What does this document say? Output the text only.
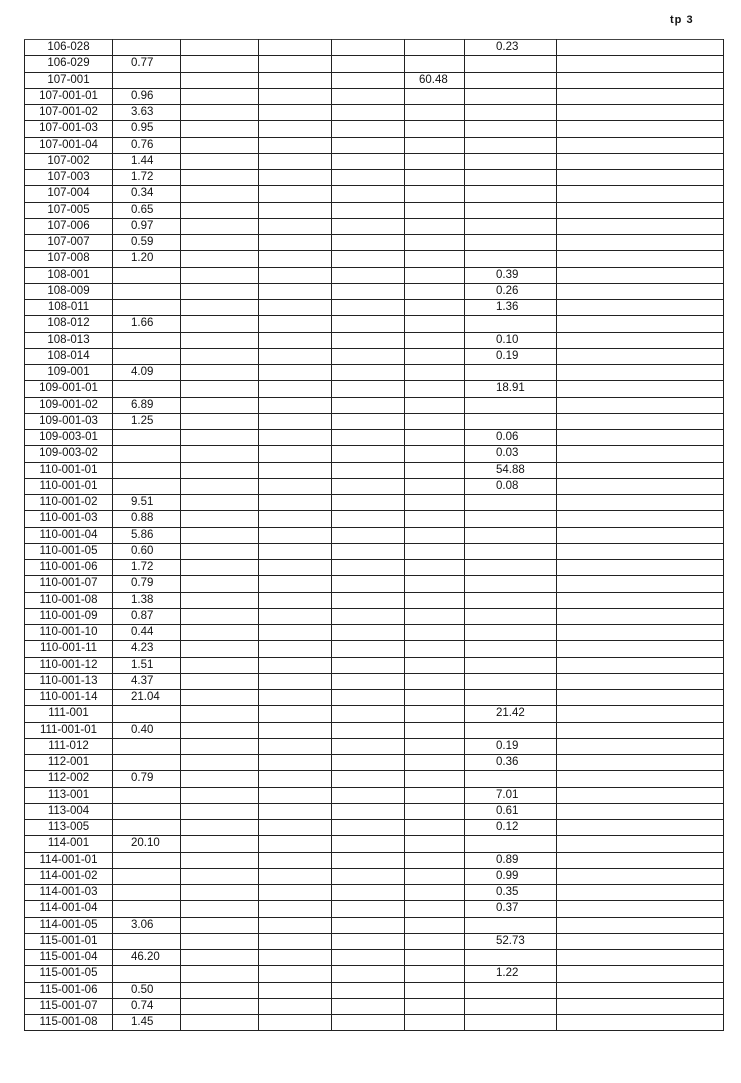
tp 3
106-028						0.23	
106-029	0.77						
107-001					60.48		
107-001-01	0.96						
107-001-02	3.63						
107-001-03	0.95						
107-001-04	0.76						
107-002	1.44						
107-003	1.72						
107-004	0.34						
107-005	0.65						
107-006	0.97						
107-007	0.59						
107-008	1.20						
108-001						0.39	
108-009						0.26	
108-011						1.36	
108-012	1.66						
108-013						0.10	
108-014						0.19	
109-001	4.09						
109-001-01						18.91	
109-001-02	6.89						
109-001-03	1.25						
109-003-01						0.06	
109-003-02						0.03	
110-001-01						54.88	
110-001-01						0.08	
110-001-02	9.51						
110-001-03	0.88						
110-001-04	5.86						
110-001-05	0.60						
110-001-06	1.72						
110-001-07	0.79						
110-001-08	1.38						
110-001-09	0.87						
110-001-10	0.44						
110-001-11	4.23						
110-001-12	1.51						
110-001-13	4.37						
110-001-14	21.04						
111-001						21.42	
111-001-01	0.40						
111-012						0.19	
112-001						0.36	
112-002	0.79						
113-001						7.01	
113-004						0.61	
113-005						0.12	
114-001	20.10						
114-001-01						0.89	
114-001-02						0.99	
114-001-03						0.35	
114-001-04						0.37	
114-001-05	3.06						
115-001-01						52.73	
115-001-04	46.20						
115-001-05						1.22	
115-001-06	0.50						
115-001-07	0.74						
115-001-08	1.45						
